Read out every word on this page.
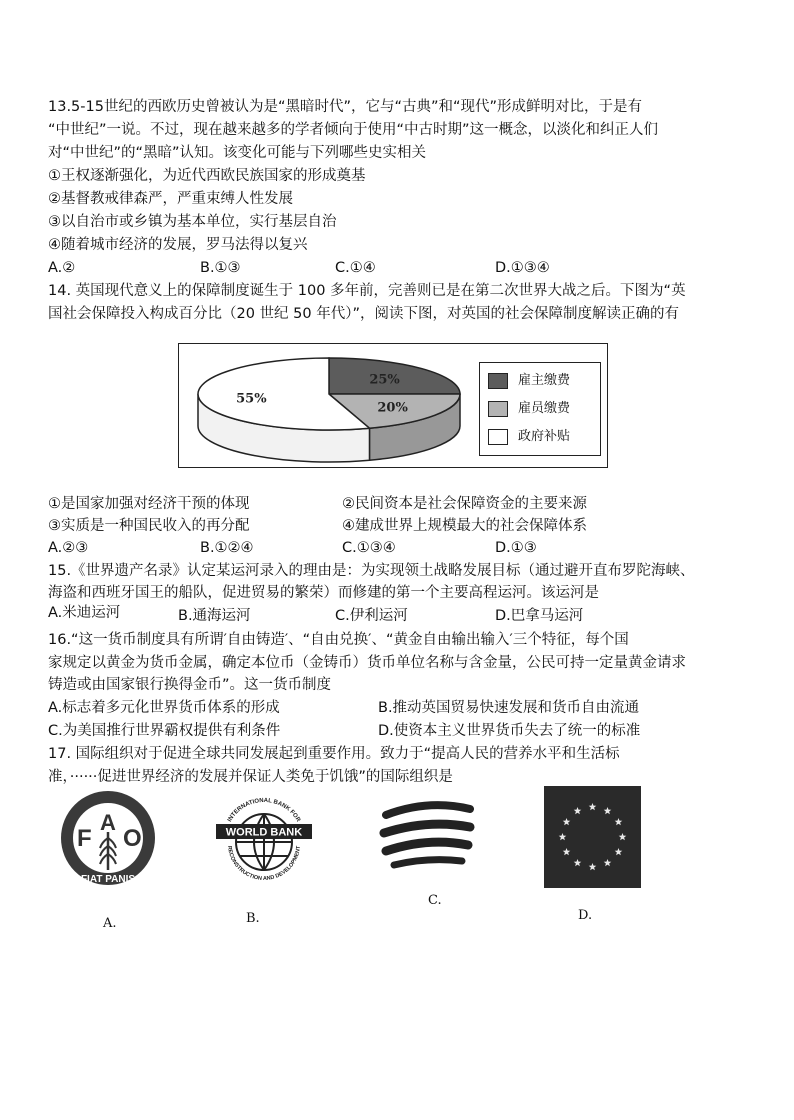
13.5-15世纪的西欧历史曾被认为是“黑暗时代”，它与“古典”和“现代”形成鲜明对比，于是有
“中世纪”一说。不过，现在越来越多的学者倾向于使用“中古时期”这一概念，以淡化和纠正人们
对“中世纪”的“黑暗”认知。该变化可能与下列哪些史实相关
①王权逐渐强化，为近代西欧民族国家的形成奠基
②基督教戒律森严，严重束缚人性发展
③以自治市或乡镇为基本单位，实行基层自治
④随着城市经济的发展，罗马法得以复兴
A.②	B.①③	C.①④	D.①③④
14. 英国现代意义上的保障制度诞生于 100 多年前，完善则已是在第二次世界大战之后。下图为“英
国社会保障投入构成百分比（20 世纪 50 年代）”，阅读下图，对英国的社会保障制度解读正确的有
25%
20%
55%
雇主缴费
雇员缴费
政府补贴
①是国家加强对经济干预的体现	②民间资本是社会保障资金的主要来源
③实质是一种国民收入的再分配	④建成世界上规模最大的社会保障体系
A.②③	B.①②④	C.①③④	D.①③
15.《世界遗产名录》认定某运河录入的理由是：为实现领土战略发展目标（通过避开直布罗陀海峡、
海盗和西班牙国王的船队，促进贸易的繁荣）而修建的第一个主要高程运河。该运河是
A.米迪运河	B.通海运河	C.伊利运河	D.巴拿马运河
16.“这一货币制度具有所谓′自由铸造′、“自由兑换′、“黄金自由输出输入′三个特征，每个国
家规定以黄金为货币金属，确定本位币（金铸币）货币单位名称与含金量，公民可持一定量黄金请求
铸造或由国家银行换得金币”。这一货币制度
A.标志着多元化世界货币体系的形成	B.推动英国贸易快速发展和货币自由流通
C.为美国推行世界霸权提供有利条件	D.使资本主义世界货币失去了统一的标准
17. 国际组织对于促进全球共同发展起到重要作用。致力于“提高人民的营养水平和生活标
准，······促进世界经济的发展并保证人类免于饥饿”的国际组织是
F
A
O
FIAT PANIS
INTERNATIONAL BANK FOR
WORLD BANK
RECONSTRUCTION AND DEVELOPMENT
A.	B.
C.
D.
